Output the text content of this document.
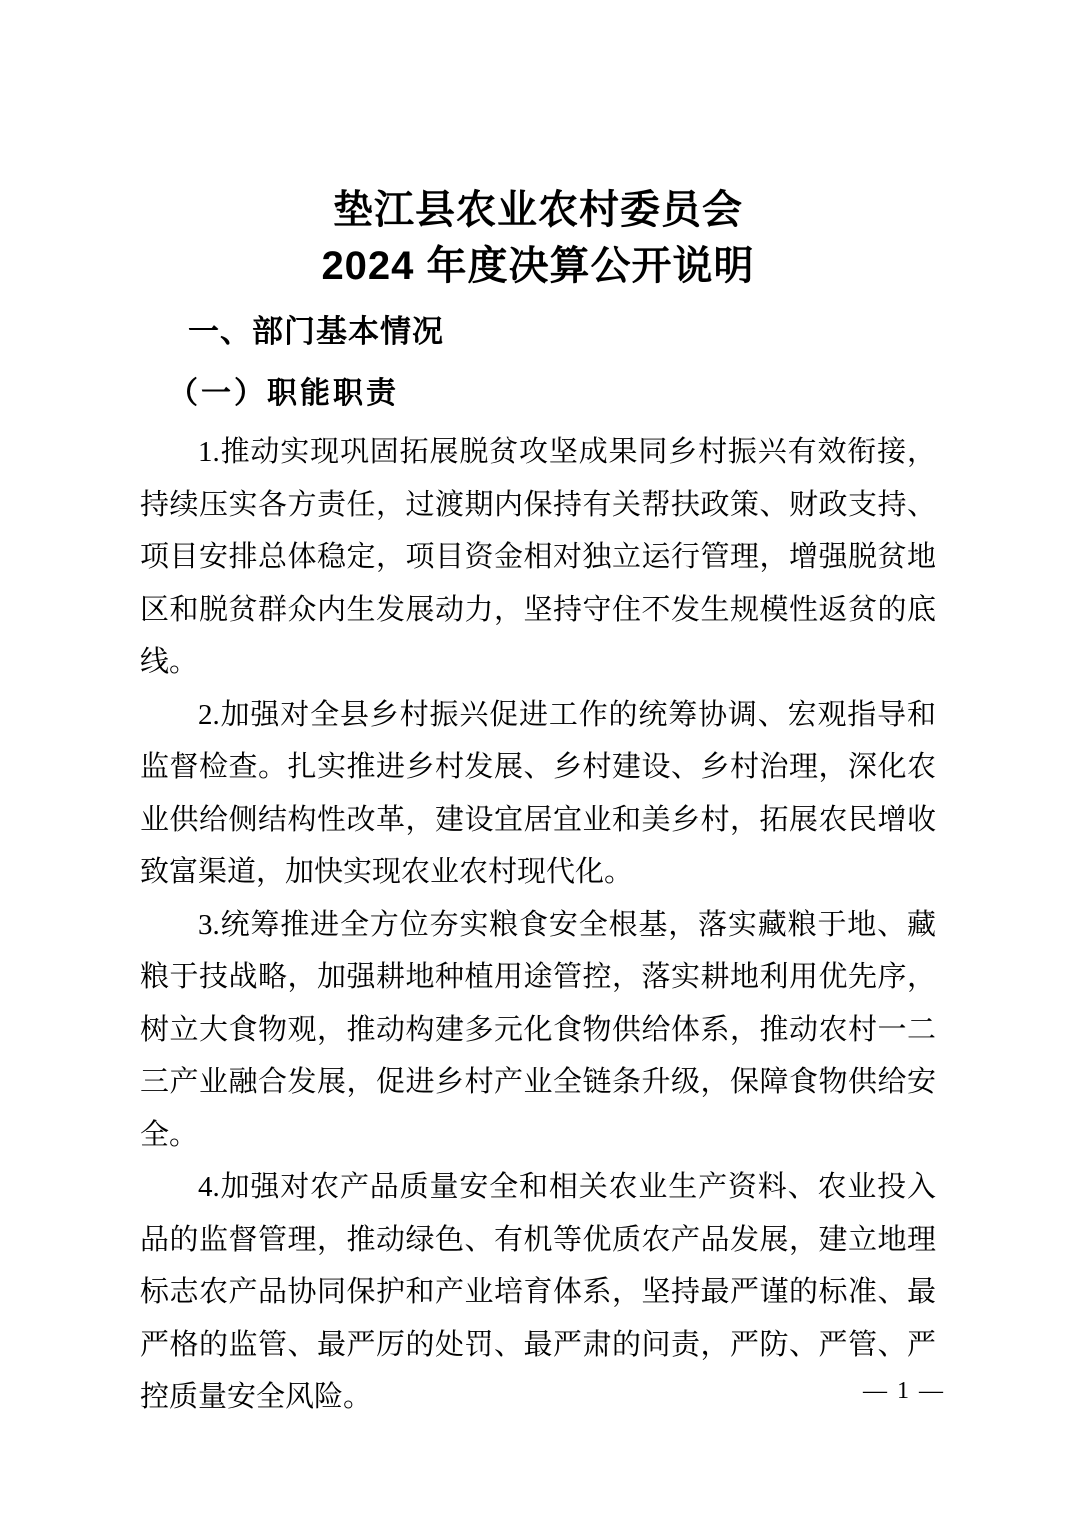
垫江县农业农村委员会
2024 年度决算公开说明
一、部门基本情况
（一）职能职责

1.推动实现巩固拓展脱贫攻坚成果同乡村振兴有效衔接，持续压实各方责任，过渡期内保持有关帮扶政策、财政支持、项目安排总体稳定，项目资金相对独立运行管理，增强脱贫地区和脱贫群众内生发展动力，坚持守住不发生规模性返贫的底线。

2.加强对全县乡村振兴促进工作的统筹协调、宏观指导和监督检查。扎实推进乡村发展、乡村建设、乡村治理，深化农业供给侧结构性改革，建设宜居宜业和美乡村，拓展农民增收致富渠道，加快实现农业农村现代化。

3.统筹推进全方位夯实粮食安全根基，落实藏粮于地、藏粮于技战略，加强耕地种植用途管控，落实耕地利用优先序，树立大食物观，推动构建多元化食物供给体系，推动农村一二三产业融合发展，促进乡村产业全链条升级，保障食物供给安全。

4.加强对农产品质量安全和相关农业生产资料、农业投入品的监督管理，推动绿色、有机等优质农产品发展，建立地理标志农产品协同保护和产业培育体系，坚持最严谨的标准、最严格的监管、最严厉的处罚、最严肃的问责，严防、严管、严控质量安全风险。	— 1 —
